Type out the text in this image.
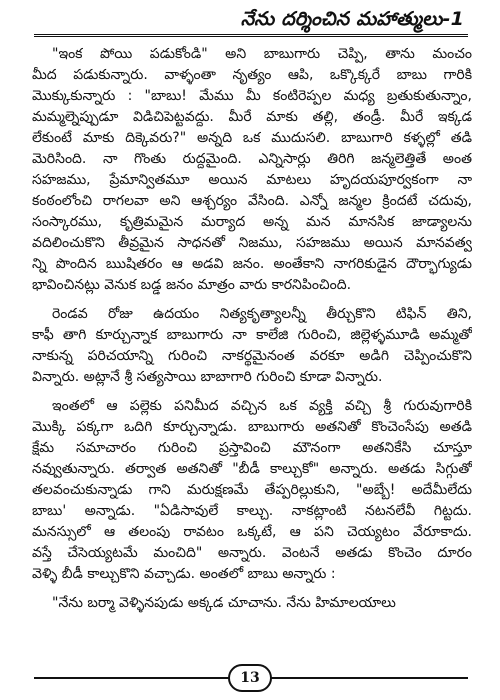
నేను దర్శించిన మహాత్ములు-1
"ఇంక పోయి పడుకోండి" అని బాబుగారు చెప్పి, తాను మంచం
మీద పడుకున్నారు. వాళ్ళంతా నృత్యం ఆపి, ఒక్కొక్కరే బాబు గారికి
మొక్కుకున్నారు : "బాబు! మేము మీ కంటిరెప్పల మధ్య బ్రతుకుతున్నాం,
మమ్మల్నెప్పుడూ విడిచిపెట్టవద్దు. మీరే మాకు తల్లి, తండ్రీ. మీరే ఇక్కడ
లేకుంటే మాకు దిక్కెవరు?" అన్నది ఒక ముదుసలి. బాబుగారి కళ్ళల్లో తడి
మెరిసింది. నా గొంతు రుద్దమైంది. ఎన్నిసార్లు తిరిగి జన్మలెత్తితే అంత
సహజము, ప్రేమాన్వితమూ అయిన మాటలు హృదయపూర్వకంగా నా
కంఠంలోంచి రాగలవా అని ఆశ్చర్యం వేసింది. ఎన్నో జన్మల క్రిందటే చదువు,
సంస్కారము, కృత్రిమమైన మర్యాద అన్న మన మానసిక జాడ్యాలను
వదిలించుకొని తీవ్రమైన సాధనతో నిజము, సహజము అయిన మానవత్వ
న్ని పొందిన ఋషితరం ఆ అడవి జనం. అంతేకాని నాగరికుడైన దౌర్భాగ్యుడు
భావించినట్లు వెనుక బడ్డ జనం మాత్రం వారు కారనిపించింది.
రెండవ రోజు ఉదయం నిత్యకృత్యాలన్నీ తీర్చుకొని టిఫిన్ తిని,
కాఫీ తాగి కూర్చున్నాక బాబుగారు నా కాలేజి గురించి, జిల్లెళ్ళమూడి అమ్మతో
నాకున్న పరిచయాన్ని గురించి నాకర్థమైనంత వరకూ అడిగి చెప్పించుకొని
విన్నారు. అట్లానే శ్రీ సత్యసాయి బాబాగారి గురించి కూడా విన్నారు.
ఇంతలో ఆ పల్లెకు పనిమీద వచ్చిన ఒక వ్యక్తి వచ్చి శ్రీ గురువుగారికి
మొక్కి పక్కగా ఒదిగి కూర్చున్నాడు. బాబుగారు అతనితో కొంచెంసేపు అతడి
క్షేమ సమాచారం గురించి ప్రస్తావించి మౌనంగా అతనికేసి చూస్తూ
నవ్వుతున్నారు. తర్వాత అతనితో "బీడీ కాల్చుకో" అన్నారు. అతడు సిగ్గుతో
తలవంచుకున్నాడు గాని మరుక్షణమే తేప్పరిల్లుకుని, "అబ్బే! అదేమీలేదు
బాబు' అన్నాడు. "ఏడిసావులే కాల్చు. నాకట్లాంటి నటనలేవీ గిట్టదు.
మనస్సులో ఆ తలంపు రావటం ఒక్కటే, ఆ పని చెయ్యటం వేరూకాదు.
వస్తే చేసెయ్యటమే మంచిది" అన్నారు. వెంటనే అతడు కొంచెం దూరం
వెళ్ళి బీడీ కాల్చుకొని వచ్చాడు. అంతలో బాబు అన్నారు :
"నేను బర్మా వెళ్ళినపుడు అక్కడ చూచాను. నేను హిమాలయాలు
13
